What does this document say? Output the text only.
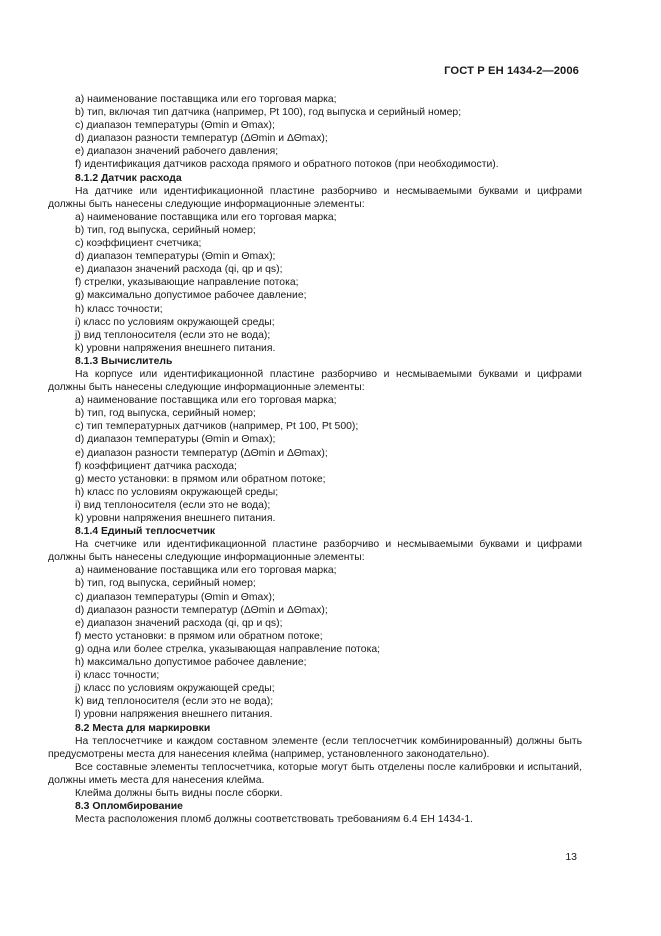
ГОСТ Р ЕН 1434-2—2006
a) наименование поставщика или его торговая марка;
b) тип, включая тип датчика (например, Pt 100), год выпуска и серийный номер;
c) диапазон температуры (Θmin и Θmax);
d) диапазон разности температур (ΔΘmin и ΔΘmax);
e) диапазон значений рабочего давления;
f) идентификация датчиков расхода прямого и обратного потоков (при необходимости).
8.1.2 Датчик расхода
На датчике или идентификационной пластине разборчиво и несмываемыми буквами и цифрами должны быть нанесены следующие информационные элементы:
a) наименование поставщика или его торговая марка;
b) тип, год выпуска, серийный номер;
c) коэффициент счетчика;
d) диапазон температуры (Θmin и Θmax);
e) диапазон значений расхода (qi, qp и qs);
f) стрелки, указывающие направление потока;
g) максимально допустимое рабочее давление;
h) класс точности;
i) класс по условиям окружающей среды;
j) вид теплоносителя (если это не вода);
k) уровни напряжения внешнего питания.
8.1.3 Вычислитель
На корпусе или идентификационной пластине разборчиво и несмываемыми буквами и цифрами должны быть нанесены следующие информационные элементы:
a) наименование поставщика или его торговая марка;
b) тип, год выпуска, серийный номер;
c) тип температурных датчиков (например, Pt 100, Pt 500);
d) диапазон температуры (Θmin и Θmax);
e) диапазон разности температур (ΔΘmin и ΔΘmax);
f) коэффициент датчика расхода;
g) место установки: в прямом или обратном потоке;
h) класс по условиям окружающей среды;
i) вид теплоносителя (если это не вода);
k) уровни напряжения внешнего питания.
8.1.4 Единый теплосчетчик
На счетчике или идентификационной пластине разборчиво и несмываемыми буквами и цифрами должны быть нанесены следующие информационные элементы:
a) наименование поставщика или его торговая марка;
b) тип, год выпуска, серийный номер;
c) диапазон температуры (Θmin и Θmax);
d) диапазон разности температур (ΔΘmin и ΔΘmax);
e) диапазон значений расхода (qi, qp и qs);
f) место установки: в прямом или обратном потоке;
g) одна или более стрелка, указывающая направление потока;
h) максимально допустимое рабочее давление;
i) класс точности;
j) класс по условиям окружающей среды;
k) вид теплоносителя (если это не вода);
l) уровни напряжения внешнего питания.
8.2 Места для маркировки
На теплосчетчике и каждом составном элементе (если теплосчетчик комбинированный) должны быть предусмотрены места для нанесения клейма (например, установленного законодательно).
Все составные элементы теплосчетчика, которые могут быть отделены после калибровки и испытаний, должны иметь места для нанесения клейма.
Клейма должны быть видны после сборки.
8.3 Опломбирование
Места расположения пломб должны соответствовать требованиям 6.4 ЕН 1434-1.
13
